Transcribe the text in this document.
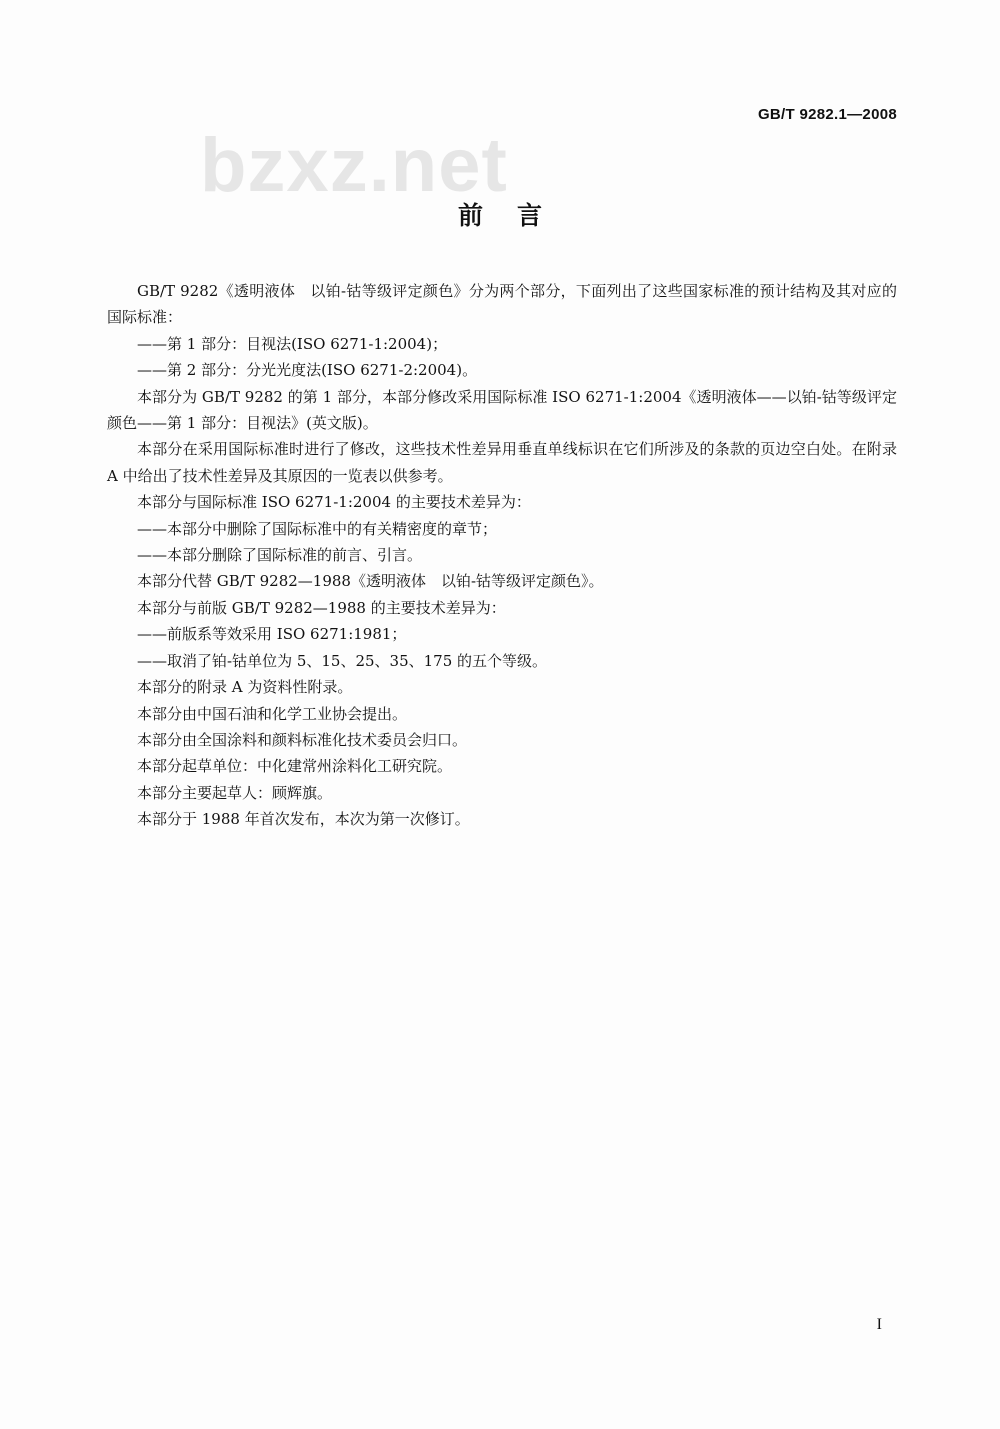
GB/T 9282.1—2008
bzxz.net
前言

GB/T 9282《透明液体　以铂-钴等级评定颜色》分为两个部分，下面列出了这些国家标准的预计结构及其对应的国际标准：

——第 1 部分：目视法(ISO 6271-1:2004)；

——第 2 部分：分光光度法(ISO 6271-2:2004)。

本部分为 GB/T 9282 的第 1 部分，本部分修改采用国际标准 ISO 6271-1:2004《透明液体——以铂-钴等级评定颜色——第 1 部分：目视法》(英文版)。

本部分在采用国际标准时进行了修改，这些技术性差异用垂直单线标识在它们所涉及的条款的页边空白处。在附录 A 中给出了技术性差异及其原因的一览表以供参考。

本部分与国际标准 ISO 6271-1:2004 的主要技术差异为：

——本部分中删除了国际标准中的有关精密度的章节；

——本部分删除了国际标准的前言、引言。

本部分代替 GB/T 9282—1988《透明液体　以铂-钴等级评定颜色》。

本部分与前版 GB/T 9282—1988 的主要技术差异为：

——前版系等效采用 ISO 6271:1981；

——取消了铂-钴单位为 5、15、25、35、175 的五个等级。

本部分的附录 A 为资料性附录。

本部分由中国石油和化学工业协会提出。

本部分由全国涂料和颜料标准化技术委员会归口。

本部分起草单位：中化建常州涂料化工研究院。

本部分主要起草人：顾辉旗。

本部分于 1988 年首次发布，本次为第一次修订。

I
